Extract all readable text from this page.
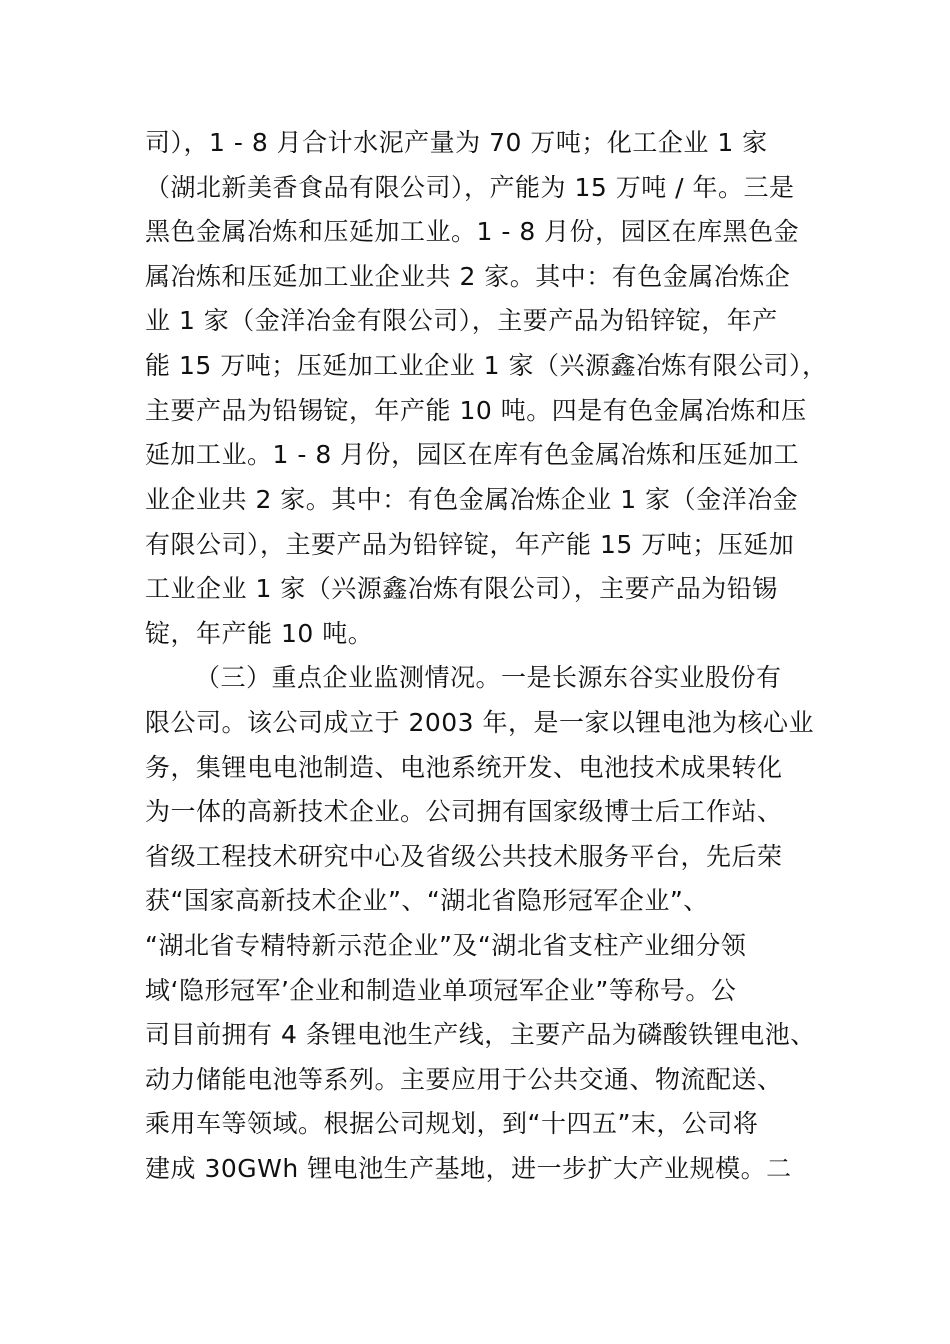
司），1 - 8 月合计水泥产量为 70 万吨；化工企业 1 家
（湖北新美香食品有限公司），产能为 15 万吨 / 年。三是
黑色金属冶炼和压延加工业。1 - 8 月份，园区在库黑色金
属冶炼和压延加工业企业共 2 家。其中：有色金属冶炼企
业 1 家（金洋冶金有限公司），主要产品为铅锌锭，年产
能 15 万吨；压延加工业企业 1 家（兴源鑫冶炼有限公司），
主要产品为铅锡锭，年产能 10 吨。四是有色金属冶炼和压
延加工业。1 - 8 月份，园区在库有色金属冶炼和压延加工
业企业共 2 家。其中：有色金属冶炼企业 1 家（金洋冶金
有限公司），主要产品为铅锌锭，年产能 15 万吨；压延加
工业企业 1 家（兴源鑫冶炼有限公司），主要产品为铅锡
锭，年产能 10 吨。
（三）重点企业监测情况。一是长源东谷实业股份有
限公司。该公司成立于 2003 年，是一家以锂电池为核心业
务，集锂电电池制造、电池系统开发、电池技术成果转化
为一体的高新技术企业。公司拥有国家级博士后工作站、
省级工程技术研究中心及省级公共技术服务平台，先后荣
获“国家高新技术企业”、“湖北省隐形冠军企业”、
“湖北省专精特新示范企业”及“湖北省支柱产业细分领
域‘隐形冠军’企业和制造业单项冠军企业”等称号。公
司目前拥有 4 条锂电池生产线，主要产品为磷酸铁锂电池、
动力储能电池等系列。主要应用于公共交通、物流配送、
乘用车等领域。根据公司规划，到“十四五”末，公司将
建成 30GWh 锂电池生产基地，进一步扩大产业规模。二
